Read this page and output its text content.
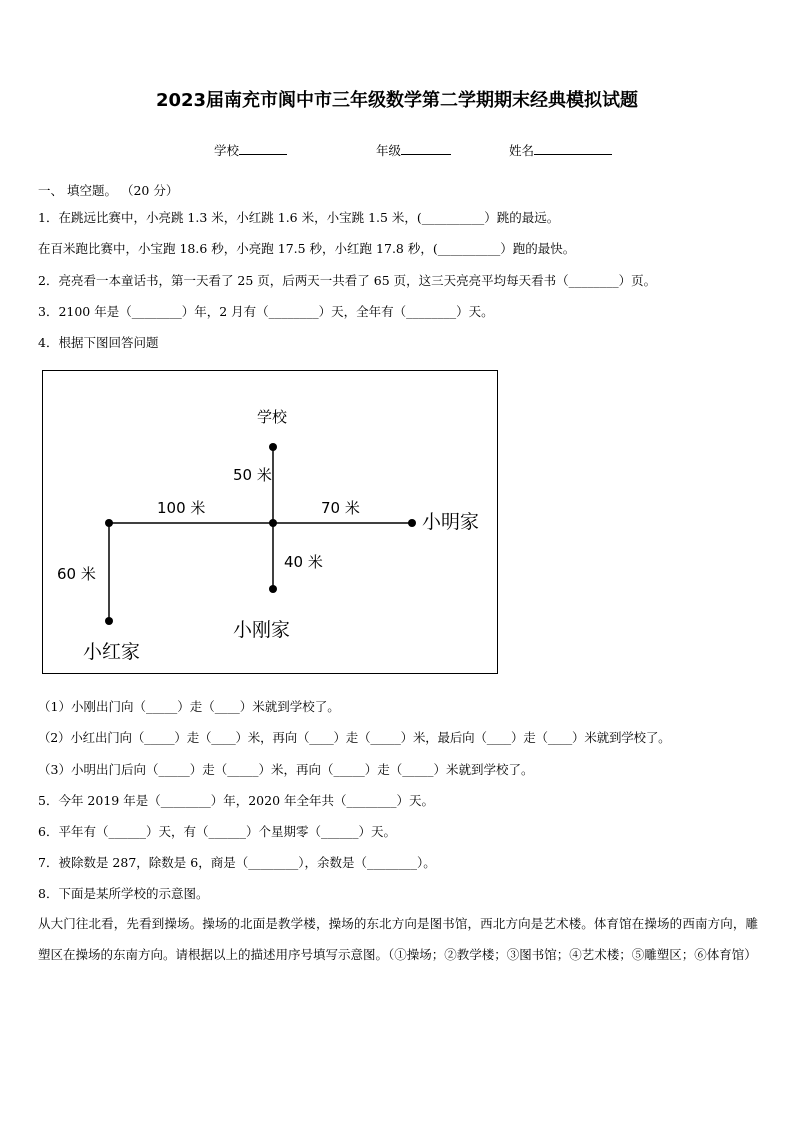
2023届南充市阆中市三年级数学第二学期期末经典模拟试题
学校	年级	姓名
一、 填空题。 （20 分）
1．在跳远比赛中，小亮跳 1.3 米，小红跳 1.6 米，小宝跳 1.5 米，(__________）跳的最远。
在百米跑比赛中，小宝跑 18.6 秒，小亮跑 17.5 秒，小红跑 17.8 秒，(__________）跑的最快。
2．亮亮看一本童话书，第一天看了 25 页，后两天一共看了 65 页，这三天亮亮平均每天看书（________）页。
3．2100 年是（________）年，2 月有（________）天，全年有（________）天。
4．根据下图回答问题
学校
50 米
100 米	70 米
小明家
40 米
60 米
小刚家
小红家
（1）小刚出门向（_____）走（____）米就到学校了。
（2）小红出门向（_____）走（____）米，再向（____）走（_____）米，最后向（____）走（____）米就到学校了。
（3）小明出门后向（_____）走（_____）米，再向（_____）走（_____）米就到学校了。
5．今年 2019 年是（________）年，2020 年全年共（________）天。
6．平年有（______）天，有（______）个星期零（______）天。
7．被除数是 287，除数是 6，商是（________），余数是（________）。
8．下面是某所学校的示意图。
从大门往北看，先看到操场。操场的北面是教学楼，操场的东北方向是图书馆，西北方向是艺术楼。体育馆在操场的西南方向，雕塑区在操场的东南方向。请根据以上的描述用序号填写示意图。（①操场；②教学楼；③图书馆；④艺术楼；⑤雕塑区；⑥体育馆）
